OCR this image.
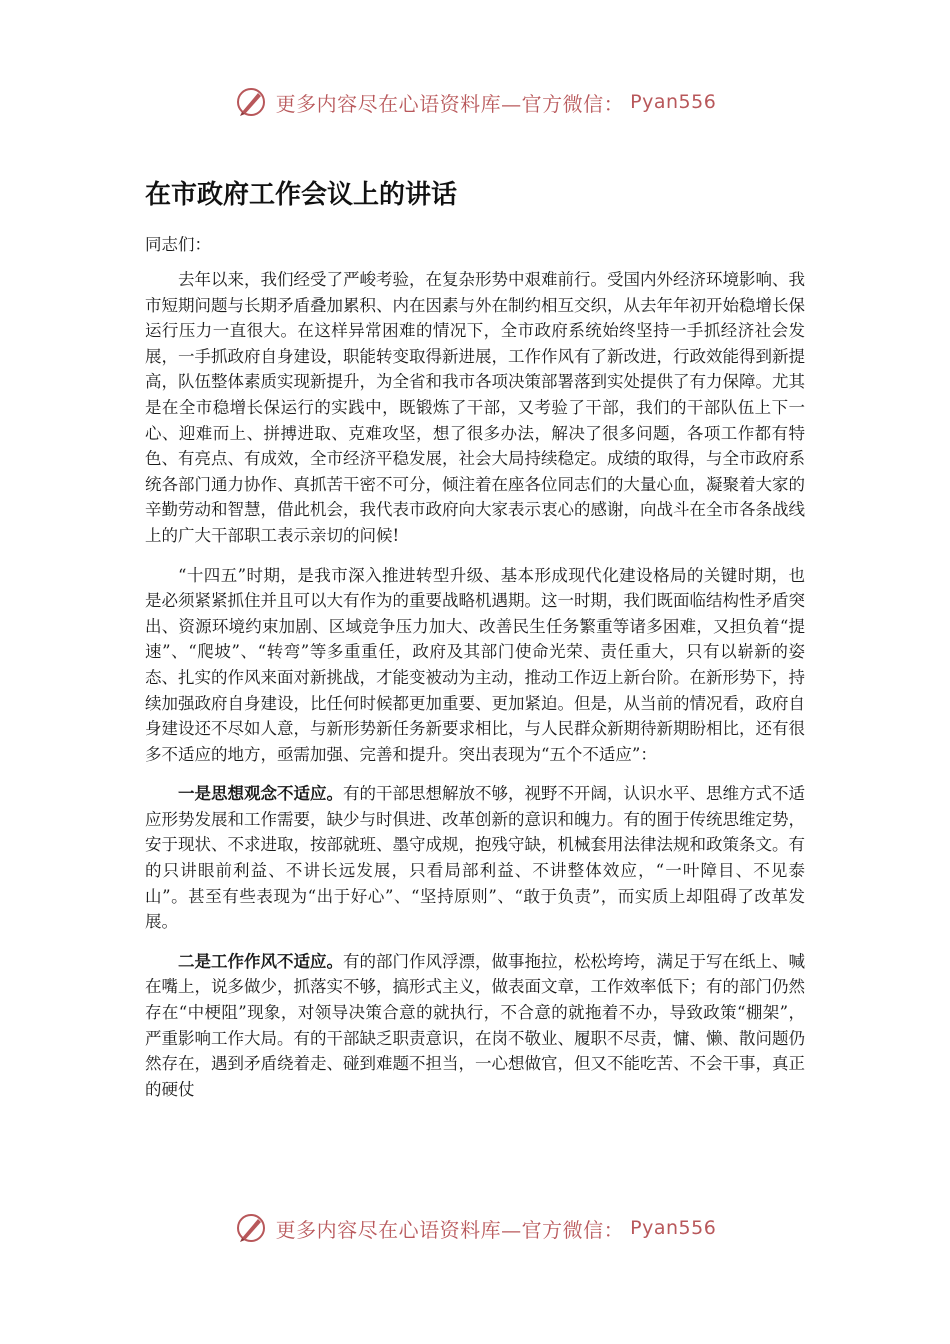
更多内容尽在心语资料库—官方微信： Pyan556
在市政府工作会议上的讲话

同志们：

去年以来，我们经受了严峻考验，在复杂形势中艰难前行。受国内外经济环境影响、我市短期问题与长期矛盾叠加累积、内在因素与外在制约相互交织，从去年年初开始稳增长保运行压力一直很大。在这样异常困难的情况下，全市政府系统始终坚持一手抓经济社会发展，一手抓政府自身建设，职能转变取得新进展，工作作风有了新改进，行政效能得到新提高，队伍整体素质实现新提升，为全省和我市各项决策部署落到实处提供了有力保障。尤其是在全市稳增长保运行的实践中，既锻炼了干部，又考验了干部，我们的干部队伍上下一心、迎难而上、拼搏进取、克难攻坚，想了很多办法，解决了很多问题，各项工作都有特色、有亮点、有成效，全市经济平稳发展，社会大局持续稳定。成绩的取得，与全市政府系统各部门通力协作、真抓苦干密不可分，倾注着在座各位同志们的大量心血，凝聚着大家的辛勤劳动和智慧，借此机会，我代表市政府向大家表示衷心的感谢，向战斗在全市各条战线上的广大干部职工表示亲切的问候!

“十四五”时期，是我市深入推进转型升级、基本形成现代化建设格局的关键时期，也是必须紧紧抓住并且可以大有作为的重要战略机遇期。这一时期，我们既面临结构性矛盾突出、资源环境约束加剧、区域竞争压力加大、改善民生任务繁重等诸多困难，又担负着“提速”、“爬坡”、“转弯”等多重重任，政府及其部门使命光荣、责任重大，只有以崭新的姿态、扎实的作风来面对新挑战，才能变被动为主动，推动工作迈上新台阶。在新形势下，持续加强政府自身建设，比任何时候都更加重要、更加紧迫。但是，从当前的情况看，政府自身建设还不尽如人意，与新形势新任务新要求相比，与人民群众新期待新期盼相比，还有很多不适应的地方，亟需加强、完善和提升。突出表现为“五个不适应”：

一是思想观念不适应。有的干部思想解放不够，视野不开阔，认识水平、思维方式不适应形势发展和工作需要，缺少与时俱进、改革创新的意识和魄力。有的囿于传统思维定势，安于现状、不求进取，按部就班、墨守成规，抱残守缺，机械套用法律法规和政策条文。有的只讲眼前利益、不讲长远发展，只看局部利益、不讲整体效应，“一叶障目、不见泰山”。甚至有些表现为“出于好心”、“坚持原则”、“敢于负责”，而实质上却阻碍了改革发展。

二是工作作风不适应。有的部门作风浮漂，做事拖拉，松松垮垮，满足于写在纸上、喊在嘴上，说多做少，抓落实不够，搞形式主义，做表面文章，工作效率低下；有的部门仍然存在“中梗阻”现象，对领导决策合意的就执行，不合意的就拖着不办，导致政策“棚架”，严重影响工作大局。有的干部缺乏职责意识，在岗不敬业、履职不尽责，慵、懒、散问题仍然存在，遇到矛盾绕着走、碰到难题不担当，一心想做官，但又不能吃苦、不会干事，真正的硬仗

更多内容尽在心语资料库—官方微信： Pyan556
